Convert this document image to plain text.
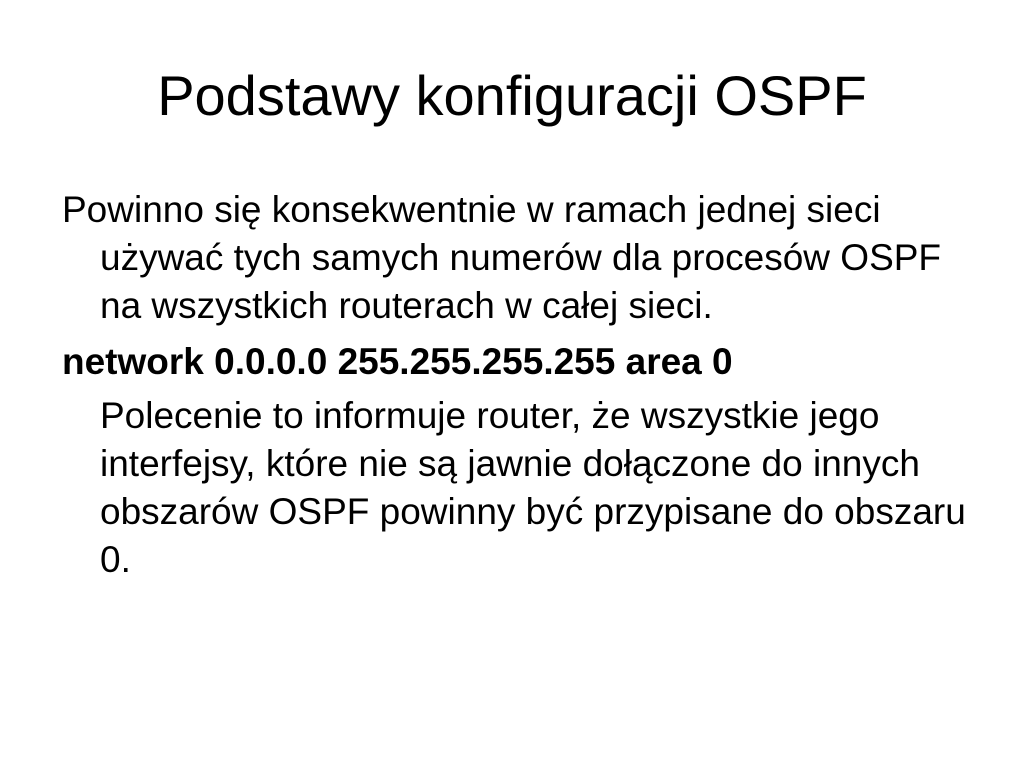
Podstawy konfiguracji OSPF

Powinno się konsekwentnie w ramach jednej sieci używać tych samych numerów dla procesów OSPF na wszystkich routerach w całej sieci.

network 0.0.0.0 255.255.255.255 area 0

Polecenie to informuje router, że wszystkie jego interfejsy, które nie są jawnie dołączone do innych obszarów OSPF powinny być przypisane do obszaru 0.
